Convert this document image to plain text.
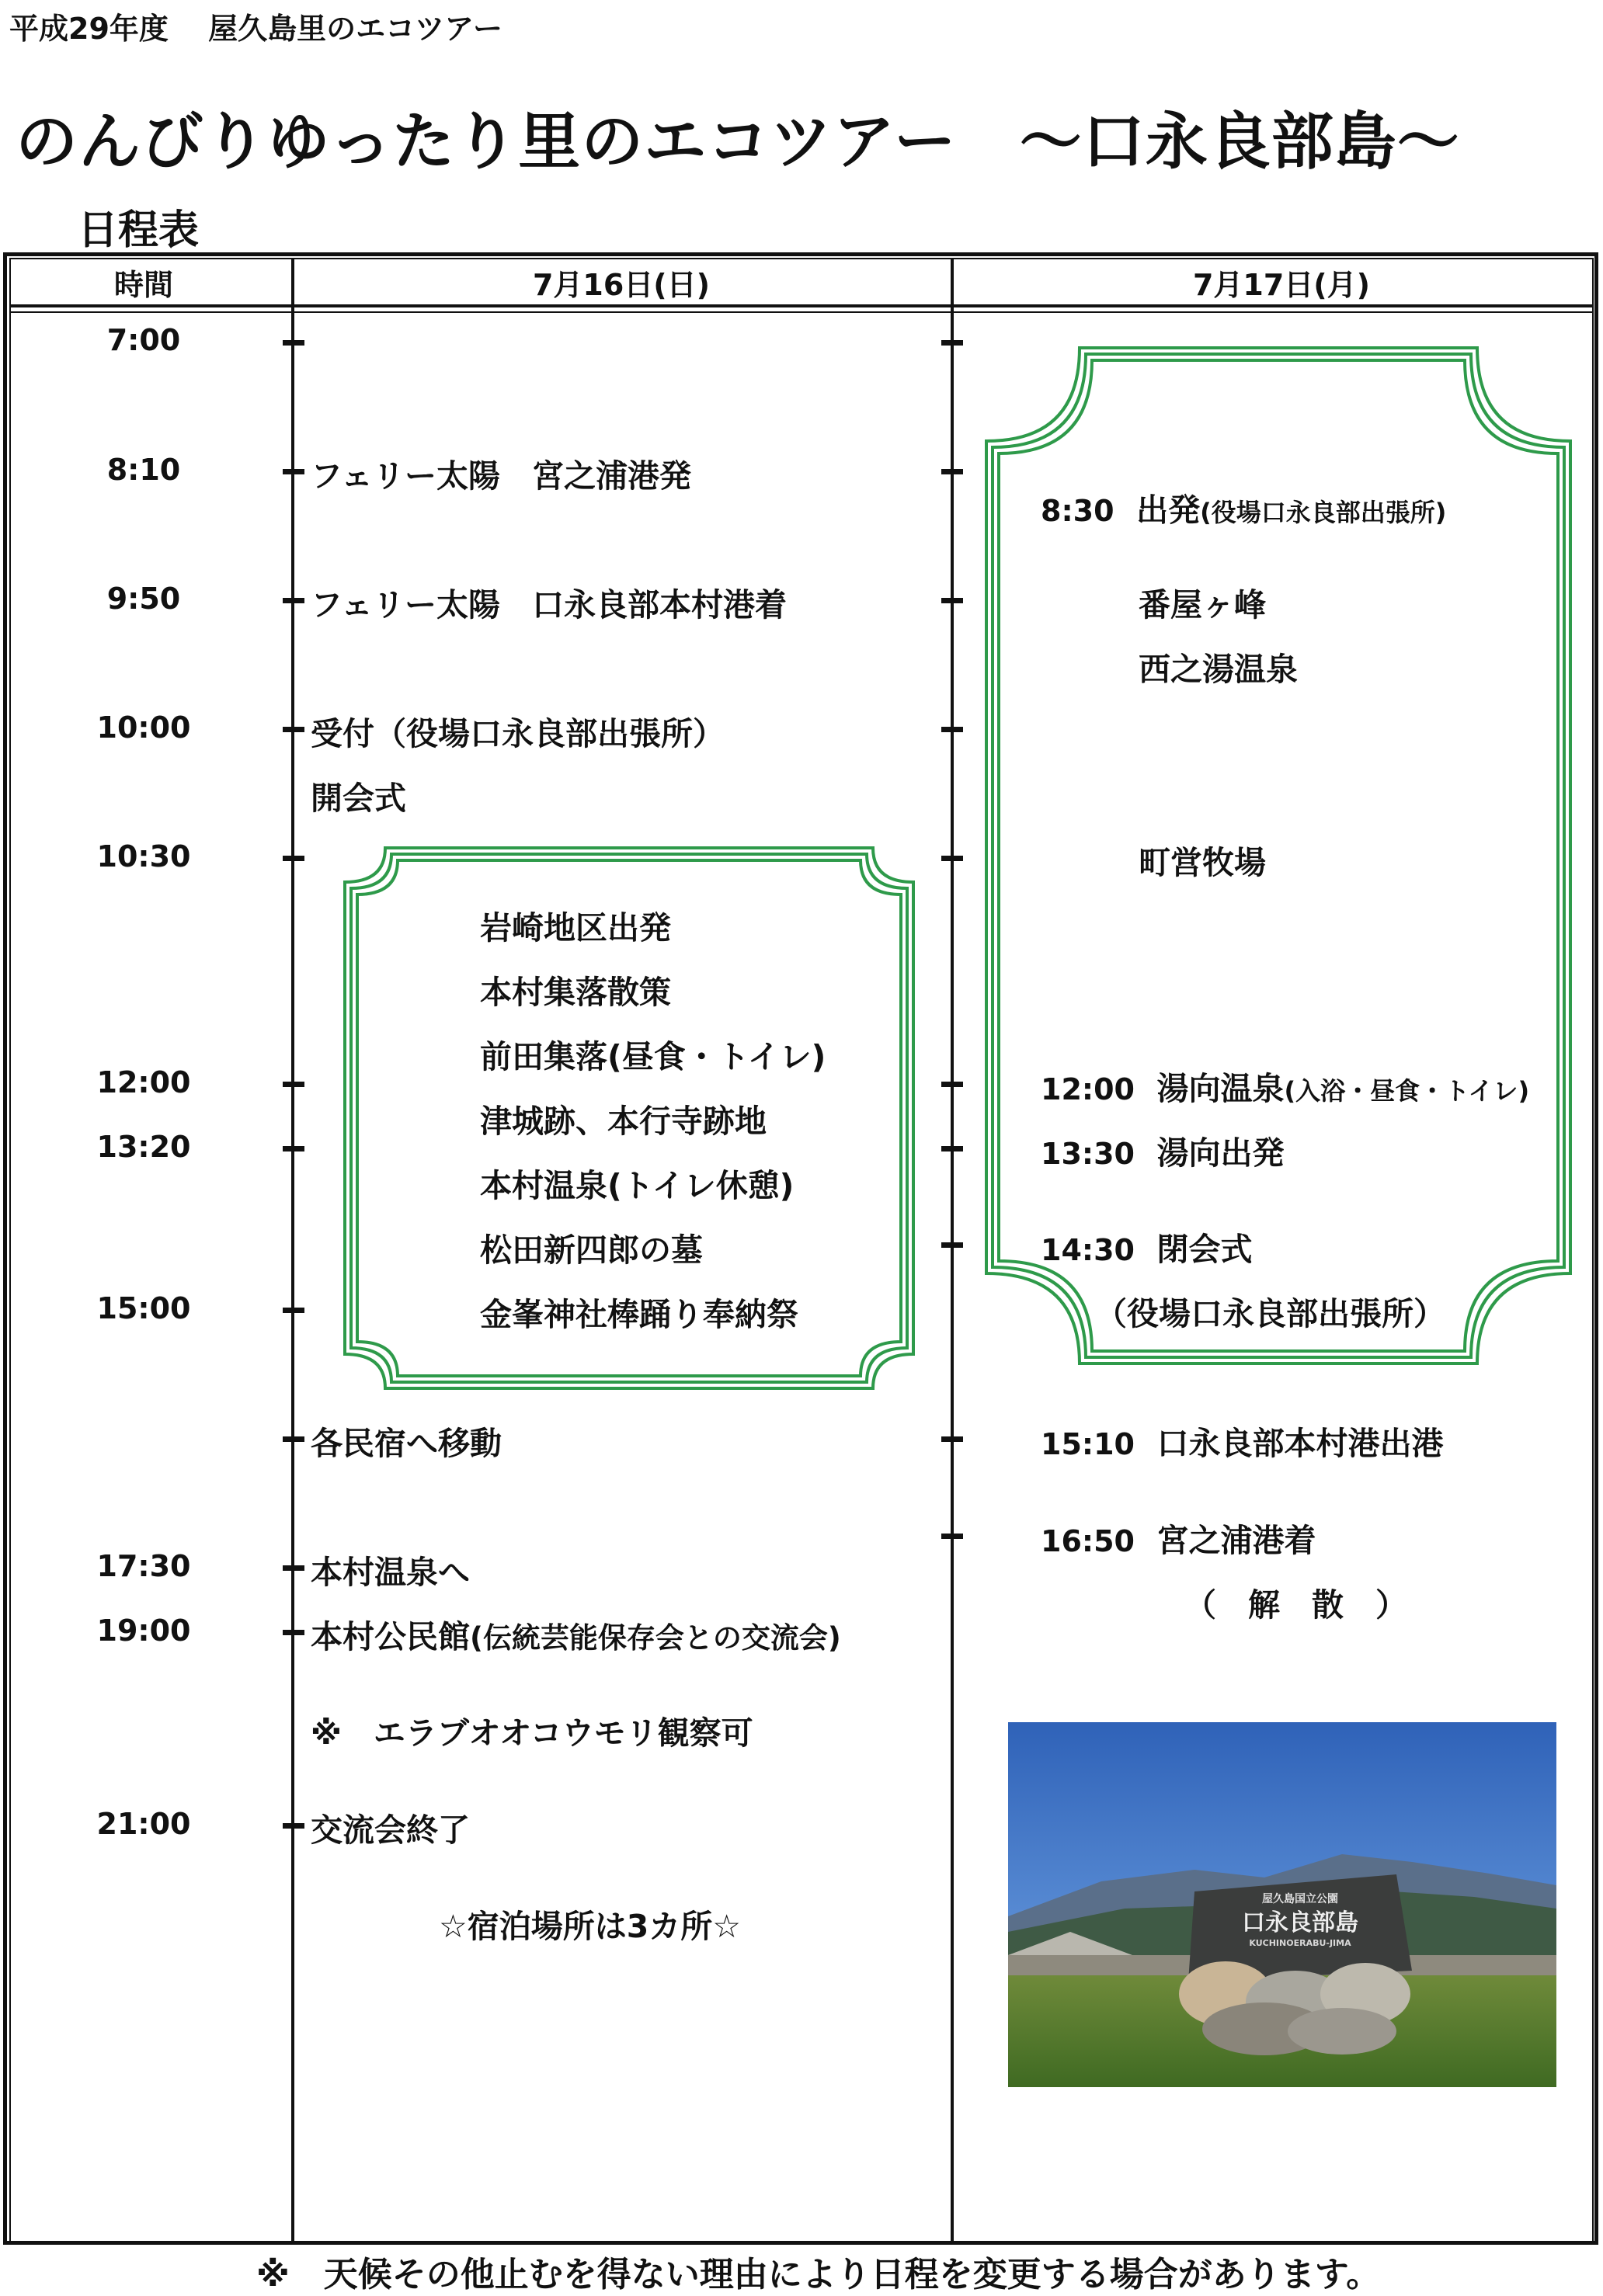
平成29年度　 屋久島里のエコツアー
のんびりゆったり里のエコツアー　～口永良部島～
日程表
時間	7月16日(日)	7月17日(月)
7:00
8:10
9:50
10:00
10:30
12:00
13:20
15:00
17:30
19:00
21:00
フェリー太陽　宮之浦港発
フェリー太陽　口永良部本村港着
受付（役場口永良部出張所）
開会式
岩崎地区出発
本村集落散策
前田集落(昼食・トイレ)
津城跡、本行寺跡地
本村温泉(トイレ休憩)
松田新四郎の墓
金峯神社棒踊り奉納祭
各民宿へ移動
本村温泉へ
本村公民館(伝統芸能保存会との交流会)
※　エラブオオコウモリ観察可
交流会終了
☆宿泊場所は3カ所☆
8:30 出発(役場口永良部出張所)
番屋ヶ峰
西之湯温泉
町営牧場
12:00 湯向温泉(入浴・昼食・トイレ)
13:30 湯向出発
14:30 閉会式
（役場口永良部出張所）
15:10 口永良部本村港出港
16:50 宮之浦港着
（　解　散　）
屋久島国立公園
口永良部島
KUCHINOERABU-JIMA
※　天候その他止むを得ない理由により日程を変更する場合があります。
